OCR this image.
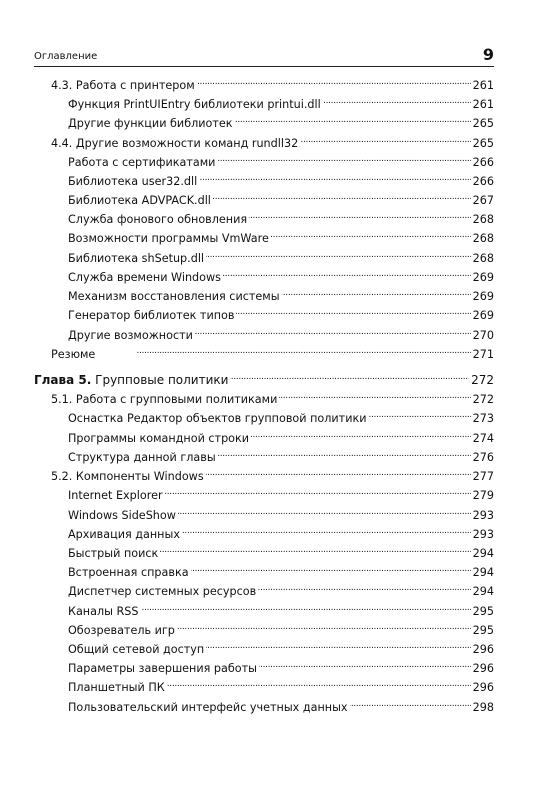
Оглавление	9
4.3. Работа с принтером . . .	261
Функция PrintUIEntry библиотеки printui.dll . . .	261
Другие функции библиотек . . .	265
4.4. Другие возможности команд rundll32 . . .	265
Работа с сертификатами . . .	266
Библиотека user32.dll . . .	266
Библиотека ADVPACK.dll . . .	267
Служба фонового обновления . . .	268
Возможности программы VmWare . . .	268
Библиотека shSetup.dll . . .	268
Служба времени Windows . . .	269
Механизм восстановления системы . . .	269
Генератор библиотек типов . . .	269
Другие возможности . . .	270
Резюме . . .	271
Глава 5. Групповые политики . . .	272
5.1. Работа с групповыми политиками . . .	272
Оснастка Редактор объектов групповой политики . . .	273
Программы командной строки . . .	274
Структура данной главы . . .	276
5.2. Компоненты Windows . . .	277
Internet Explorer . . .	279
Windows SideShow . . .	293
Архивация данных . . .	293
Быстрый поиск . . .	294
Встроенная справка . . .	294
Диспетчер системных ресурсов . . .	294
Каналы RSS . . .	295
Обозреватель игр . . .	295
Общий сетевой доступ . . .	296
Параметры завершения работы . . .	296
Планшетный ПК . . .	296
Пользовательский интерфейс учетных данных . . .	298
